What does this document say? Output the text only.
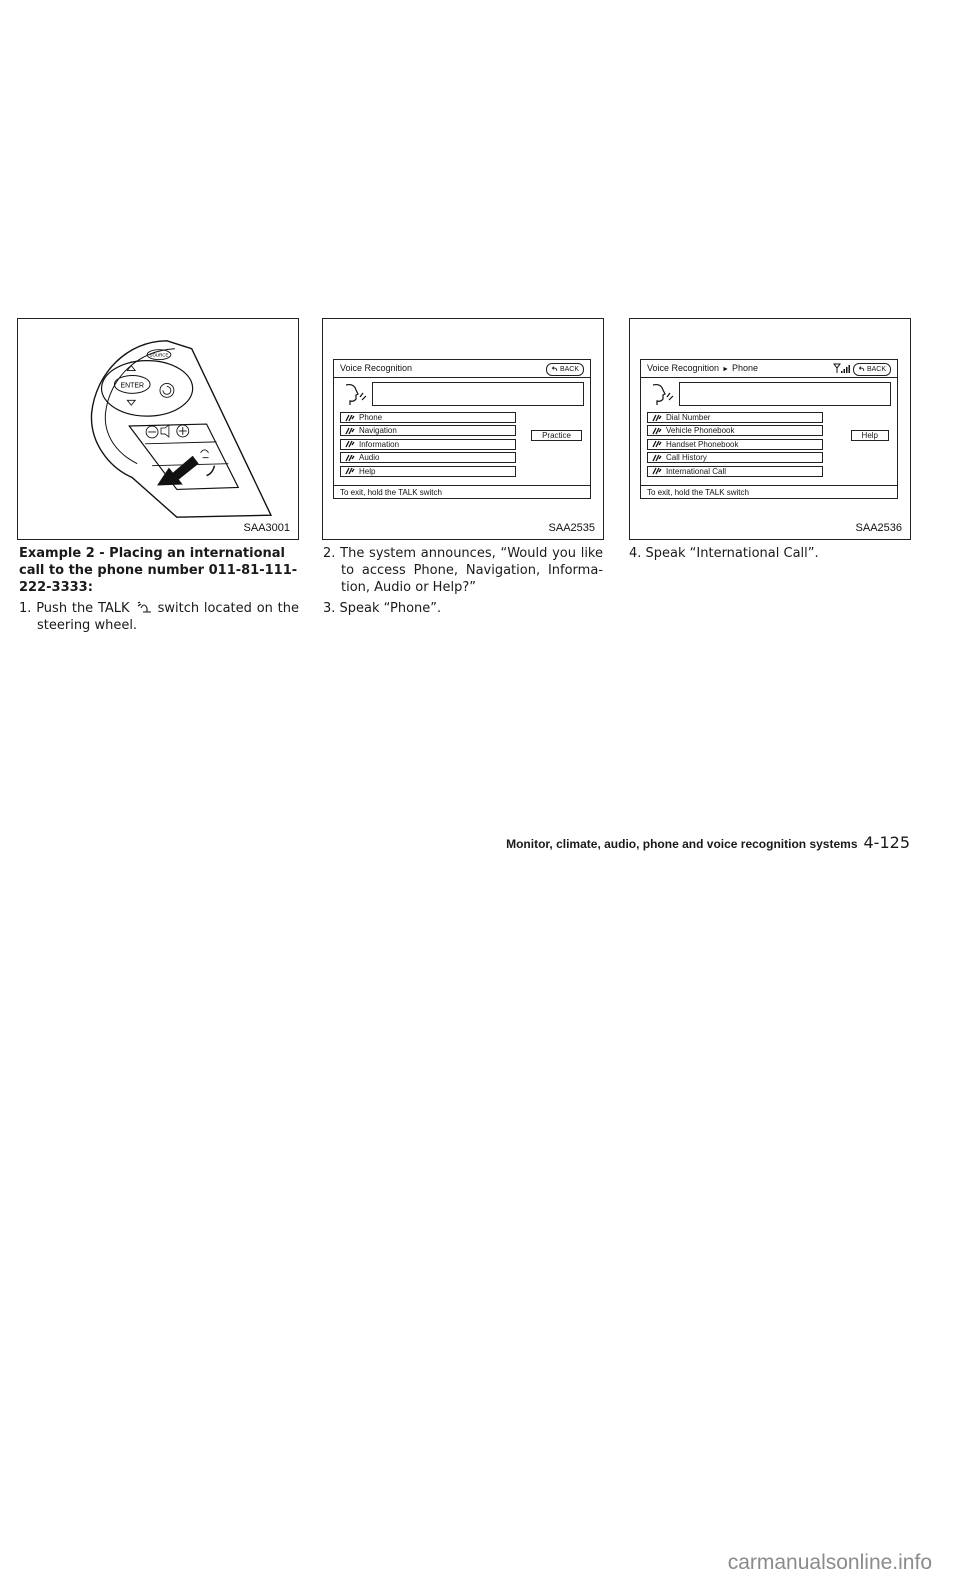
ENTER
SOURCE
SAA3001
Voice Recognition	BACK
Phone
Navigation
Information
Audio
Help
Practice
To exit, hold the TALK switch
SAA2535
Voice Recognition ► Phone	BACK
Dial Number
Vehicle Phonebook
Handset Phonebook
Call History
International Call
Help
To exit, hold the TALK switch
SAA2536

Example 2 - Placing an international call to the phone number 011-81-111-222-3333:

1. Push the TALK switch located on the steering wheel.

2. The system announces, “Would you like to access Phone, Navigation, Informa-tion, Audio or Help?”

3. Speak “Phone”.

4. Speak “International Call”.

Monitor, climate, audio, phone and voice recognition systems 4-125
carmanualsonline.info
